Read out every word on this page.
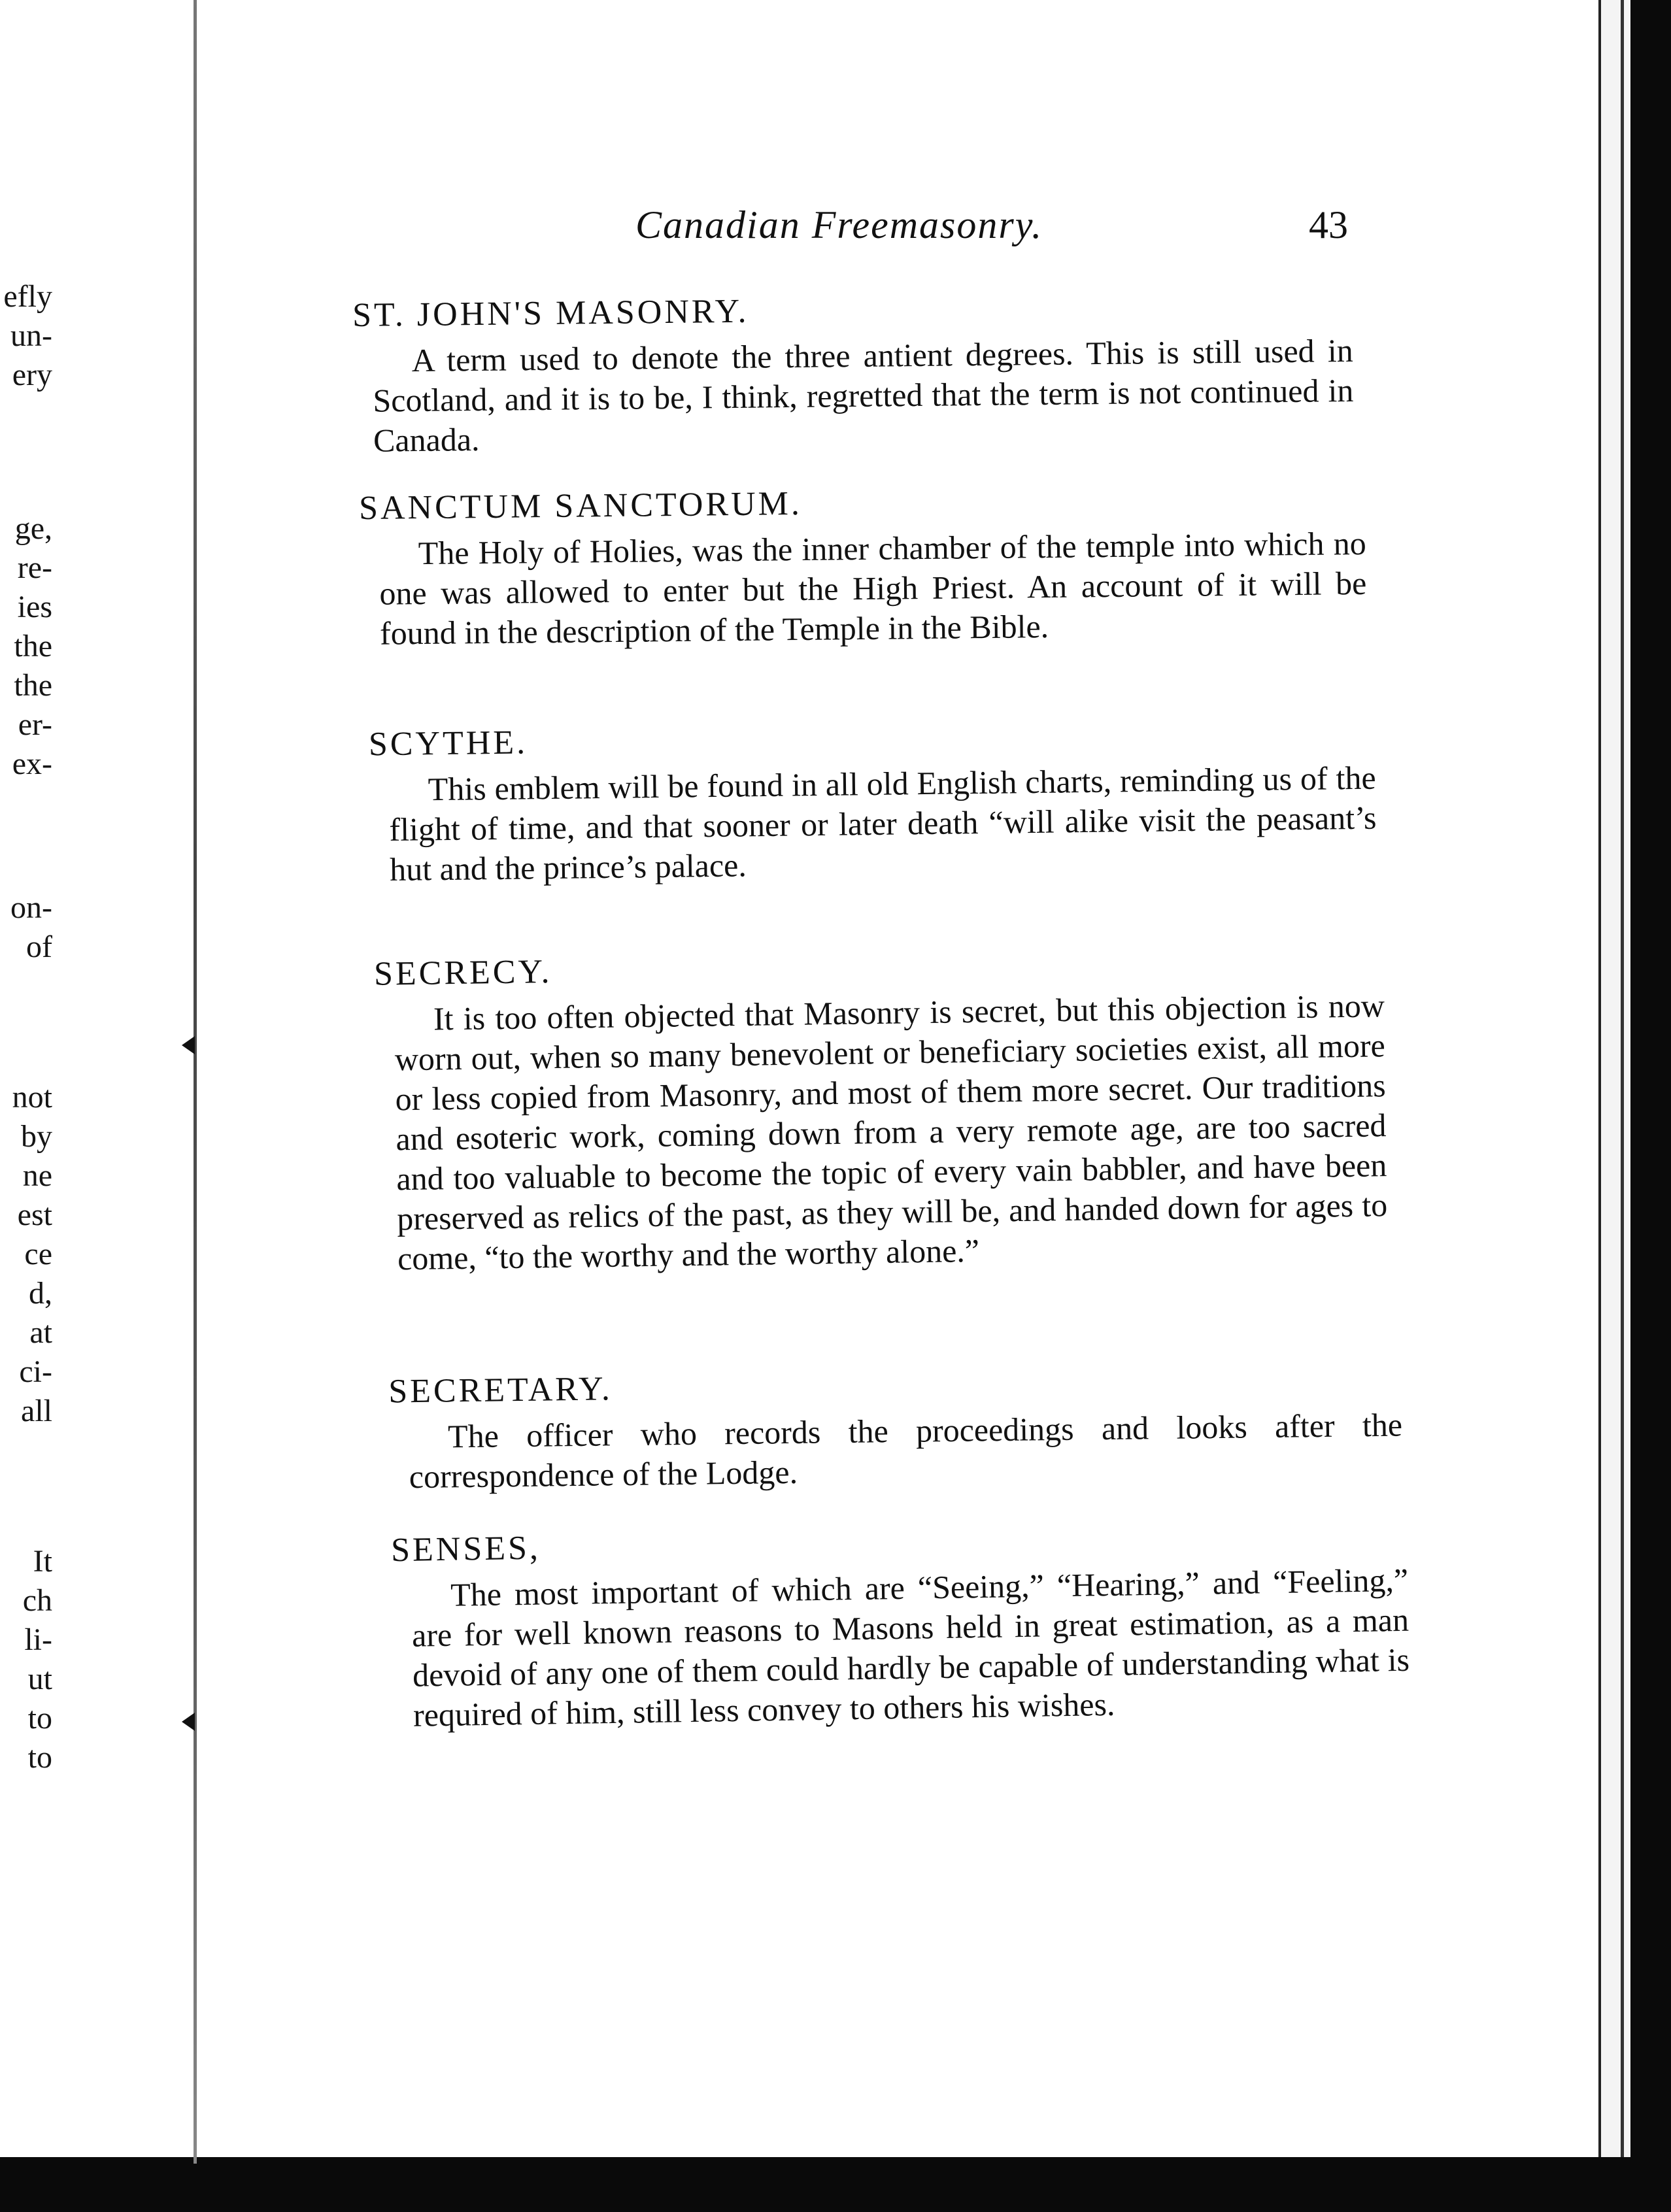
efly
un-
ery
ge,
re-
ies
the
the
er-
ex-
on-
of
not
by
ne
est
ce
d,
at
ci-
all
It
ch
li-
ut
to
to
Canadian Freemasonry.	43
ST. JOHN'S MASONRY.

A term used to denote the three antient degrees. This is still used in Scotland, and it is to be, I think, regretted that the term is not continued in Canada.

SANCTUM SANCTORUM.

The Holy of Holies, was the inner chamber of the temple into which no one was allowed to enter but the High Priest. An account of it will be found in the description of the Temple in the Bible.

SCYTHE.

This emblem will be found in all old English charts, reminding us of the flight of time, and that sooner or later death “will alike visit the peasant’s hut and the prince’s palace.

SECRECY.

It is too often objected that Masonry is secret, but this objection is now worn out, when so many benevolent or beneficiary societies exist, all more or less copied from Masonry, and most of them more secret. Our traditions and esoteric work, coming down from a very remote age, are too sacred and too valuable to become the topic of every vain babbler, and have been preserved as relics of the past, as they will be, and handed down for ages to come, “to the worthy and the worthy alone.”

SECRETARY.

The officer who records the proceedings and looks after the correspondence of the Lodge.

SENSES,

The most important of which are “Seeing,” “Hearing,” and “Feeling,” are for well known reasons to Masons held in great estimation, as a man devoid of any one of them could hardly be capable of understanding what is required of him, still less convey to others his wishes.
